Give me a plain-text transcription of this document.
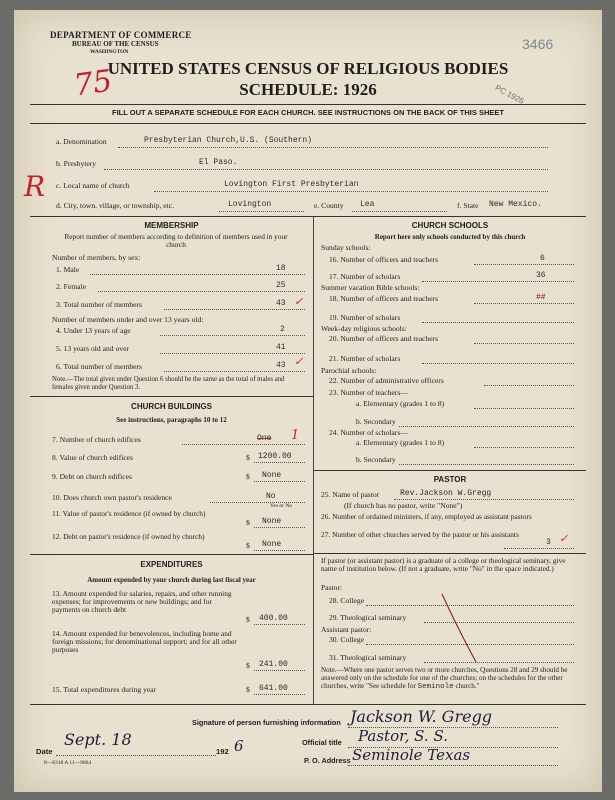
DEPARTMENT OF COMMERCE
BUREAU OF THE CENSUS
WASHINGTON	3466
75
UNITED STATES CENSUS OF RELIGIOUS BODIES
SCHEDULE: 1926	PC 1926
FILL OUT A SEPARATE SCHEDULE FOR EACH CHURCH. SEE INSTRUCTIONS ON THE BACK OF THIS SHEET
R
a. Denomination	Presbyterian Church,U.S. (Southern)
b. Presbytery	El Paso.
c. Local name of church	Lovington First Presbyterian
d. City, town, village, or township, etc.	Lovington	e. County Lea	f. State New Mexico.
MEMBERSHIP
Report number of members according to definition of members used in your church
Number of members, by sex:
1. Male	18
2. Female	25
3. Total number of members	43 ✓
Number of members under and over 13 years old:
4. Under 13 years of age	2
5. 13 years old and over	41
6. Total number of members	43 ✓
Note.—The total given under Question 6 should be the same as the total of males and females given under Question 3.
CHURCH BUILDINGS
See instructions, paragraphs 10 to 12
7. Number of church edifices	One 1
8. Value of church edifices	$ 1200.00
9. Debt on church edifices	$ None
10. Does church own pastor's residence	No
Yes or No
11. Value of pastor's residence (if owned by church)
$ None
12. Debt on pastor's residence (if owned by church)
$ None
EXPENDITURES
Amount expended by your church during last fiscal year
13. Amount expended for salaries, repairs, and other running expenses; for improvements or new buildings; and for payments on church debt
$ 400.00
14. Amount expended for benevolences, including home and foreign missions; for denominational support; and for all other purposes
$ 241.00
15. Total expenditures during year	$ 641.00
CHURCH SCHOOLS
Report here only schools conducted by this church
Sunday schools:
16. Number of officers and teachers	6
17. Number of scholars	36
Summer vacation Bible schools:
18. Number of officers and teachers	##
19. Number of scholars
Week-day religious schools:
20. Number of officers and teachers
21. Number of scholars
Parochial schools:
22. Number of administrative officers
23. Number of teachers—
a. Elementary (grades 1 to 8)
b. Secondary
24. Number of scholars—
a. Elementary (grades 1 to 8)
b. Secondary
PASTOR
25. Name of pastor	Rev.Jackson W.Gregg
(If church has no pastor, write "None")
26. Number of ordained ministers, if any, employed as assistant pastors
27. Number of other churches served by the pastor or his assistants
3 ✓
If pastor (or assistant pastor) is a graduate of a college or theological seminary, give name of institution below. (If not a graduate, write "No" in the space indicated.)
Pastor:
28. College
29. Theological seminary
Assistant pastor:
30. College
31. Theological seminary
Note.—Where one pastor serves two or more churches, Questions 28 and 29 should be answered only on the schedule for one of the churches; on the schedules for the other churches, write "See schedule for Seminole church."
Signature of person furnishing information Jackson W. Gregg
Official title Pastor, S. S.
P. O. Address Seminole Texas
Date
Sept. 18
192 6
8—8318 A 11—9064
